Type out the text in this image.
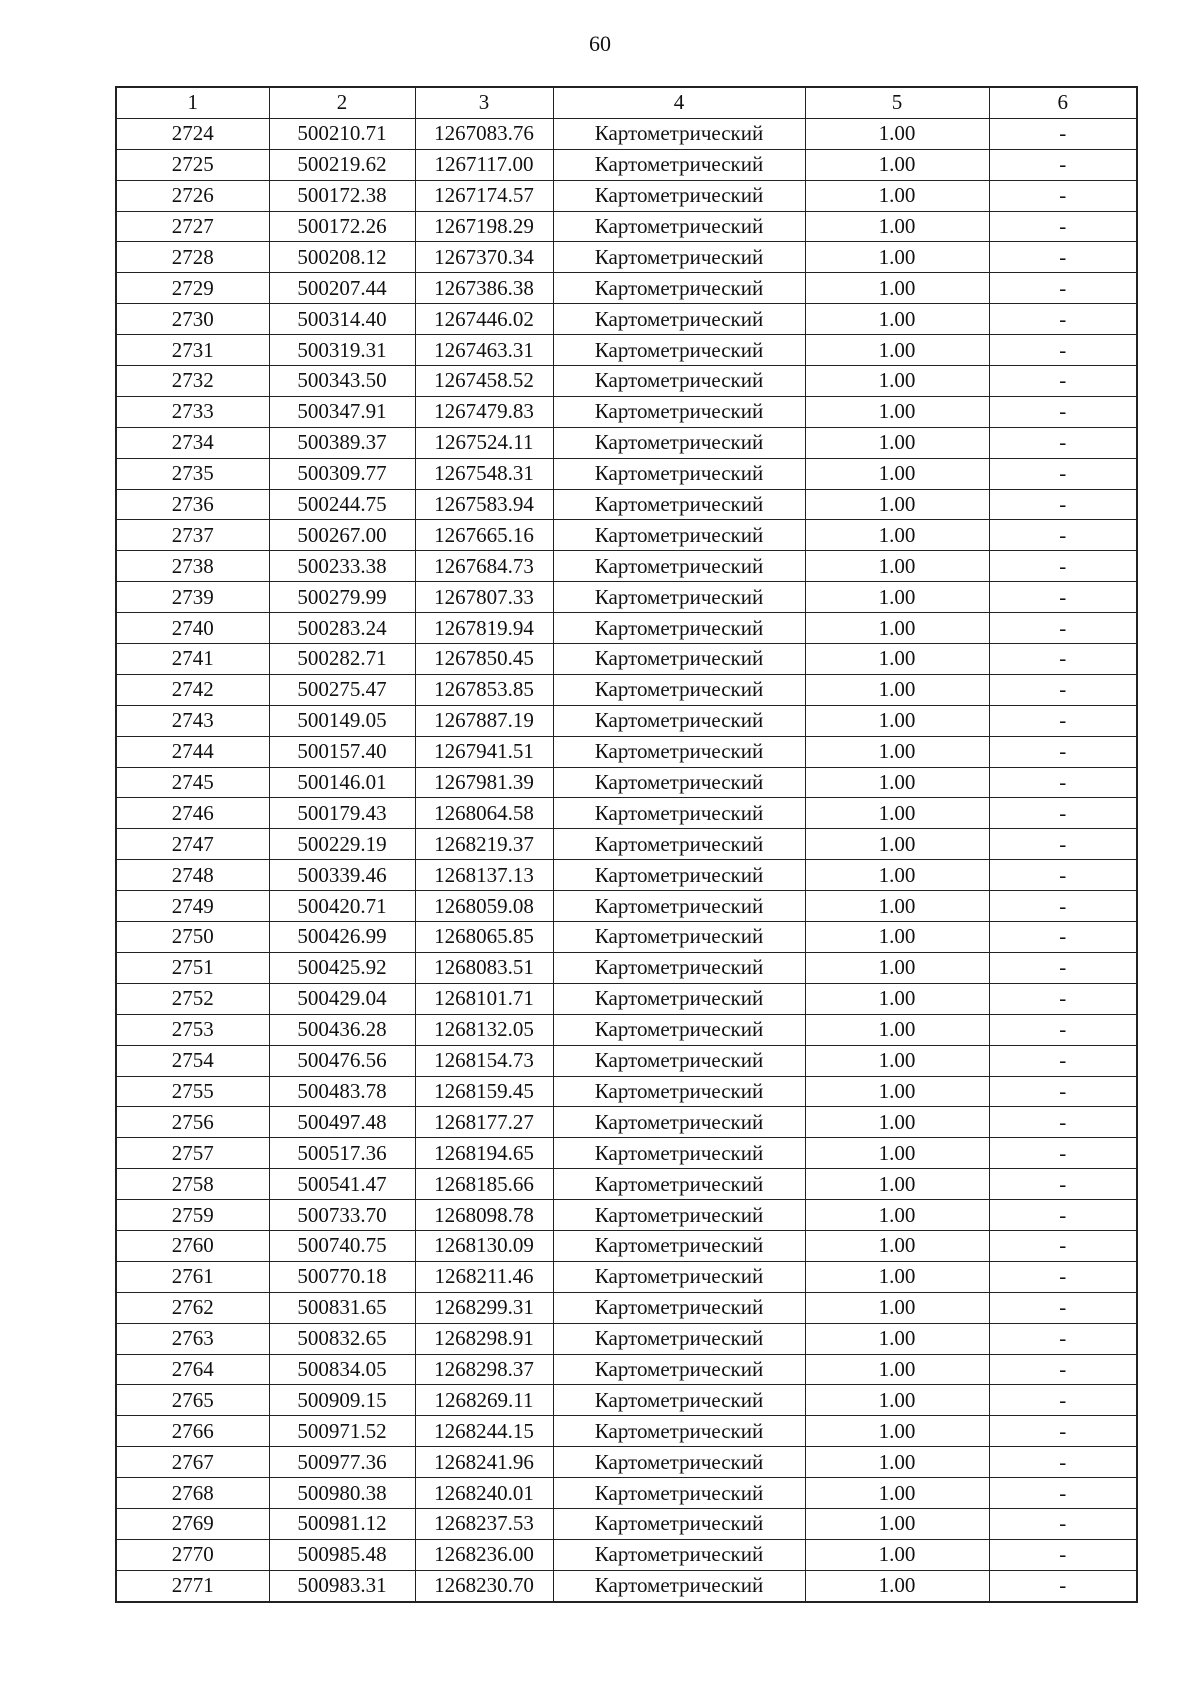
60
1	2	3	4	5	6
2724	500210.71	1267083.76	Картометрический	1.00	-
2725	500219.62	1267117.00	Картометрический	1.00	-
2726	500172.38	1267174.57	Картометрический	1.00	-
2727	500172.26	1267198.29	Картометрический	1.00	-
2728	500208.12	1267370.34	Картометрический	1.00	-
2729	500207.44	1267386.38	Картометрический	1.00	-
2730	500314.40	1267446.02	Картометрический	1.00	-
2731	500319.31	1267463.31	Картометрический	1.00	-
2732	500343.50	1267458.52	Картометрический	1.00	-
2733	500347.91	1267479.83	Картометрический	1.00	-
2734	500389.37	1267524.11	Картометрический	1.00	-
2735	500309.77	1267548.31	Картометрический	1.00	-
2736	500244.75	1267583.94	Картометрический	1.00	-
2737	500267.00	1267665.16	Картометрический	1.00	-
2738	500233.38	1267684.73	Картометрический	1.00	-
2739	500279.99	1267807.33	Картометрический	1.00	-
2740	500283.24	1267819.94	Картометрический	1.00	-
2741	500282.71	1267850.45	Картометрический	1.00	-
2742	500275.47	1267853.85	Картометрический	1.00	-
2743	500149.05	1267887.19	Картометрический	1.00	-
2744	500157.40	1267941.51	Картометрический	1.00	-
2745	500146.01	1267981.39	Картометрический	1.00	-
2746	500179.43	1268064.58	Картометрический	1.00	-
2747	500229.19	1268219.37	Картометрический	1.00	-
2748	500339.46	1268137.13	Картометрический	1.00	-
2749	500420.71	1268059.08	Картометрический	1.00	-
2750	500426.99	1268065.85	Картометрический	1.00	-
2751	500425.92	1268083.51	Картометрический	1.00	-
2752	500429.04	1268101.71	Картометрический	1.00	-
2753	500436.28	1268132.05	Картометрический	1.00	-
2754	500476.56	1268154.73	Картометрический	1.00	-
2755	500483.78	1268159.45	Картометрический	1.00	-
2756	500497.48	1268177.27	Картометрический	1.00	-
2757	500517.36	1268194.65	Картометрический	1.00	-
2758	500541.47	1268185.66	Картометрический	1.00	-
2759	500733.70	1268098.78	Картометрический	1.00	-
2760	500740.75	1268130.09	Картометрический	1.00	-
2761	500770.18	1268211.46	Картометрический	1.00	-
2762	500831.65	1268299.31	Картометрический	1.00	-
2763	500832.65	1268298.91	Картометрический	1.00	-
2764	500834.05	1268298.37	Картометрический	1.00	-
2765	500909.15	1268269.11	Картометрический	1.00	-
2766	500971.52	1268244.15	Картометрический	1.00	-
2767	500977.36	1268241.96	Картометрический	1.00	-
2768	500980.38	1268240.01	Картометрический	1.00	-
2769	500981.12	1268237.53	Картометрический	1.00	-
2770	500985.48	1268236.00	Картометрический	1.00	-
2771	500983.31	1268230.70	Картометрический	1.00	-
